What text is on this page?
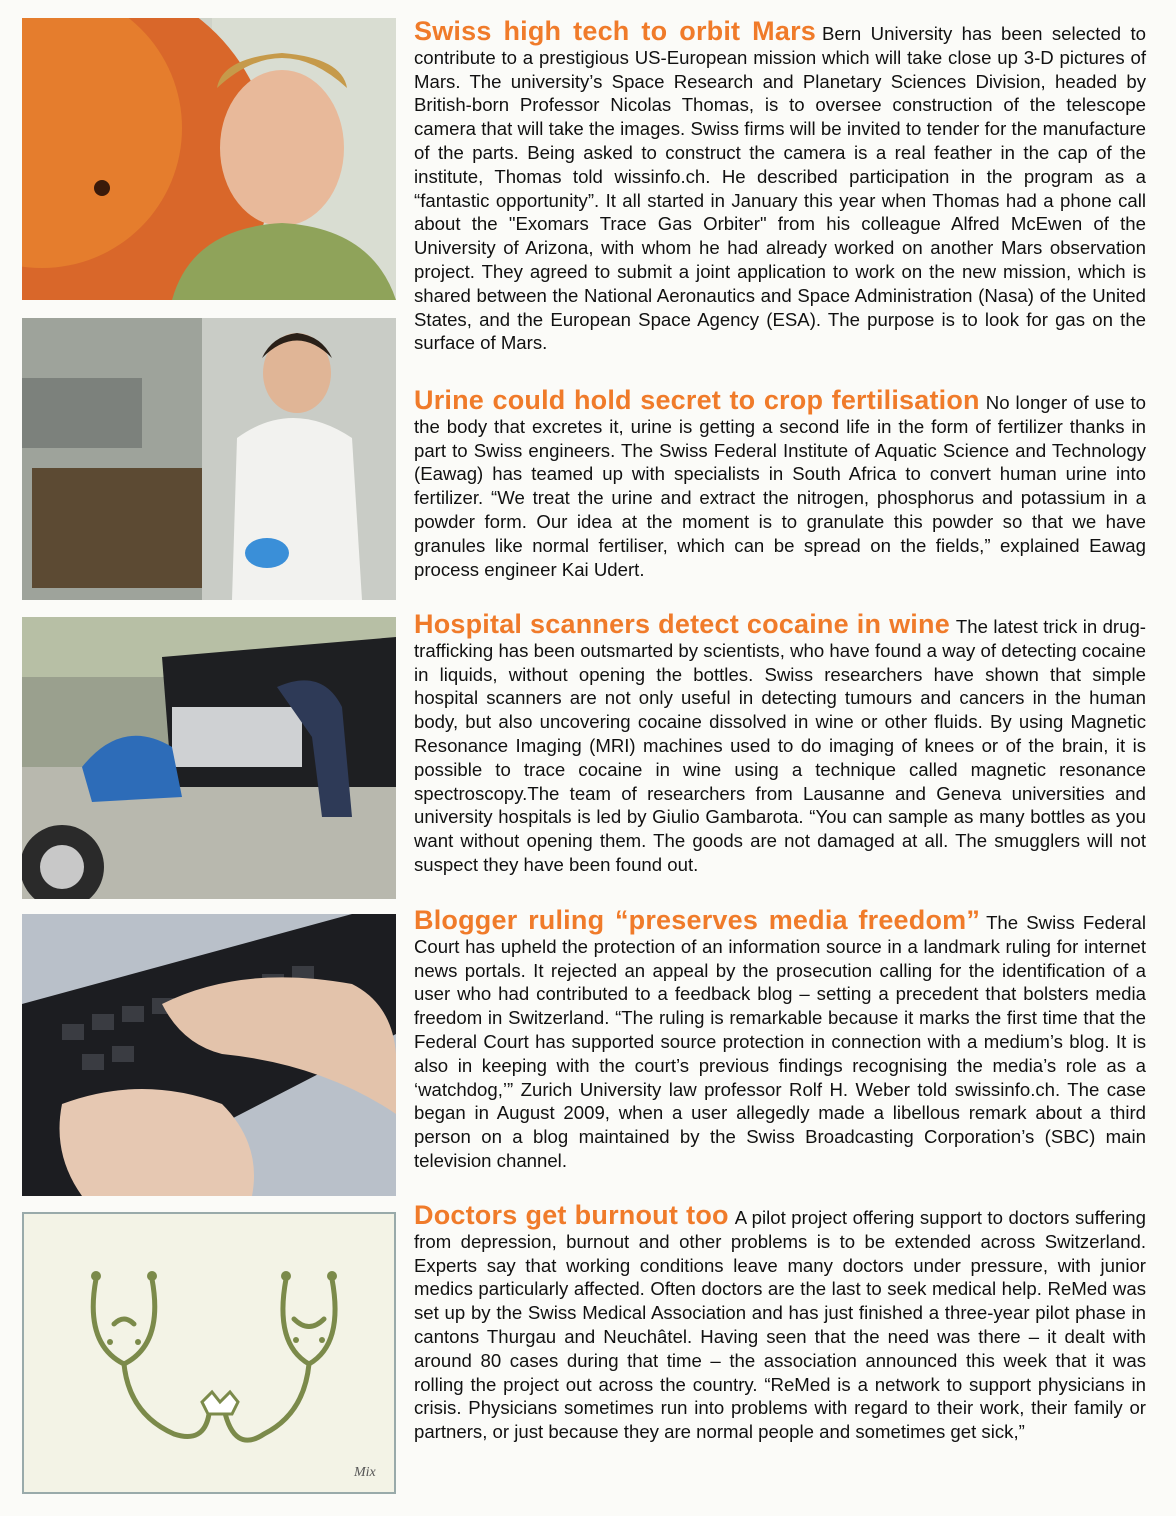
Mix

Swiss high tech to orbit Mars Bern University has been selected to contribute to a prestigious US-European mission which will take close up 3-D pictures of Mars. The university’s Space Research and Planetary Sciences Division, headed by British-born Professor Nicolas Thomas, is to oversee construction of the telescope camera that will take the images. Swiss firms will be invited to tender for the manufacture of the parts. Being asked to construct the camera is a real feather in the cap of the institute, Thomas told wissinfo.ch. He described participation in the program as a “fantastic opportunity”. It all started in January this year when Thomas had a phone call about the "Exomars Trace Gas Orbiter" from his colleague Alfred McEwen of the University of Arizona, with whom he had already worked on another Mars observation project. They agreed to submit a joint application to work on the new mission, which is shared between the National Aeronautics and Space Administration (Nasa) of the United States, and the European Space Agency (ESA). The purpose is to look for gas on the surface of Mars.

Urine could hold secret to crop fertilisation No longer of use to the body that excretes it, urine is getting a second life in the form of fertilizer thanks in part to Swiss engineers. The Swiss Federal Institute of Aquatic Science and Technology (Eawag) has teamed up with specialists in South Africa to convert human urine into fertilizer. “We treat the urine and extract the nitrogen, phosphorus and potassium in a powder form. Our idea at the moment is to granulate this powder so that we have granules like normal fertiliser, which can be spread on the fields,” explained Eawag process engineer Kai Udert.

Hospital scanners detect cocaine in wine The latest trick in drug-trafficking has been outsmarted by scientists, who have found a way of detecting cocaine in liquids, without opening the bottles. Swiss researchers have shown that simple hospital scanners are not only useful in detecting tumours and cancers in the human body, but also uncovering cocaine dissolved in wine or other fluids. By using Magnetic Resonance Imaging (MRI) machines used to do imaging of knees or of the brain, it is possible to trace cocaine in wine using a technique called magnetic resonance spectroscopy.The team of researchers from Lausanne and Geneva universities and university hospitals is led by Giulio Gambarota. “You can sample as many bottles as you want without opening them. The goods are not damaged at all. The smugglers will not suspect they have been found out.

Blogger ruling “preserves media freedom” The Swiss Federal Court has upheld the protection of an information source in a landmark ruling for internet news portals. It rejected an appeal by the prosecution calling for the identification of a user who had contributed to a feedback blog – setting a precedent that bolsters media freedom in Switzerland. “The ruling is remarkable because it marks the first time that the Federal Court has supported source protection in connection with a medium’s blog. It is also in keeping with the court’s previous findings recognising the media’s role as a ‘watchdog,’” Zurich University law professor Rolf H. Weber told swissinfo.ch. The case began in August 2009, when a user allegedly made a libellous remark about a third person on a blog maintained by the Swiss Broadcasting Corporation’s (SBC) main television channel.

Doctors get burnout too A pilot project offering support to doctors suffering from depression, burnout and other problems is to be extended across Switzerland. Experts say that working conditions leave many doctors under pressure, with junior medics particularly affected. Often doctors are the last to seek medical help. ReMed was set up by the Swiss Medical Association and has just finished a three-year pilot phase in cantons Thurgau and Neuchâtel. Having seen that the need was there – it dealt with around 80 cases during that time – the association announced this week that it was rolling the project out across the country. “ReMed is a network to support physicians in crisis. Physicians sometimes run into problems with regard to their work, their family or partners, or just because they are normal people and sometimes get sick,”
